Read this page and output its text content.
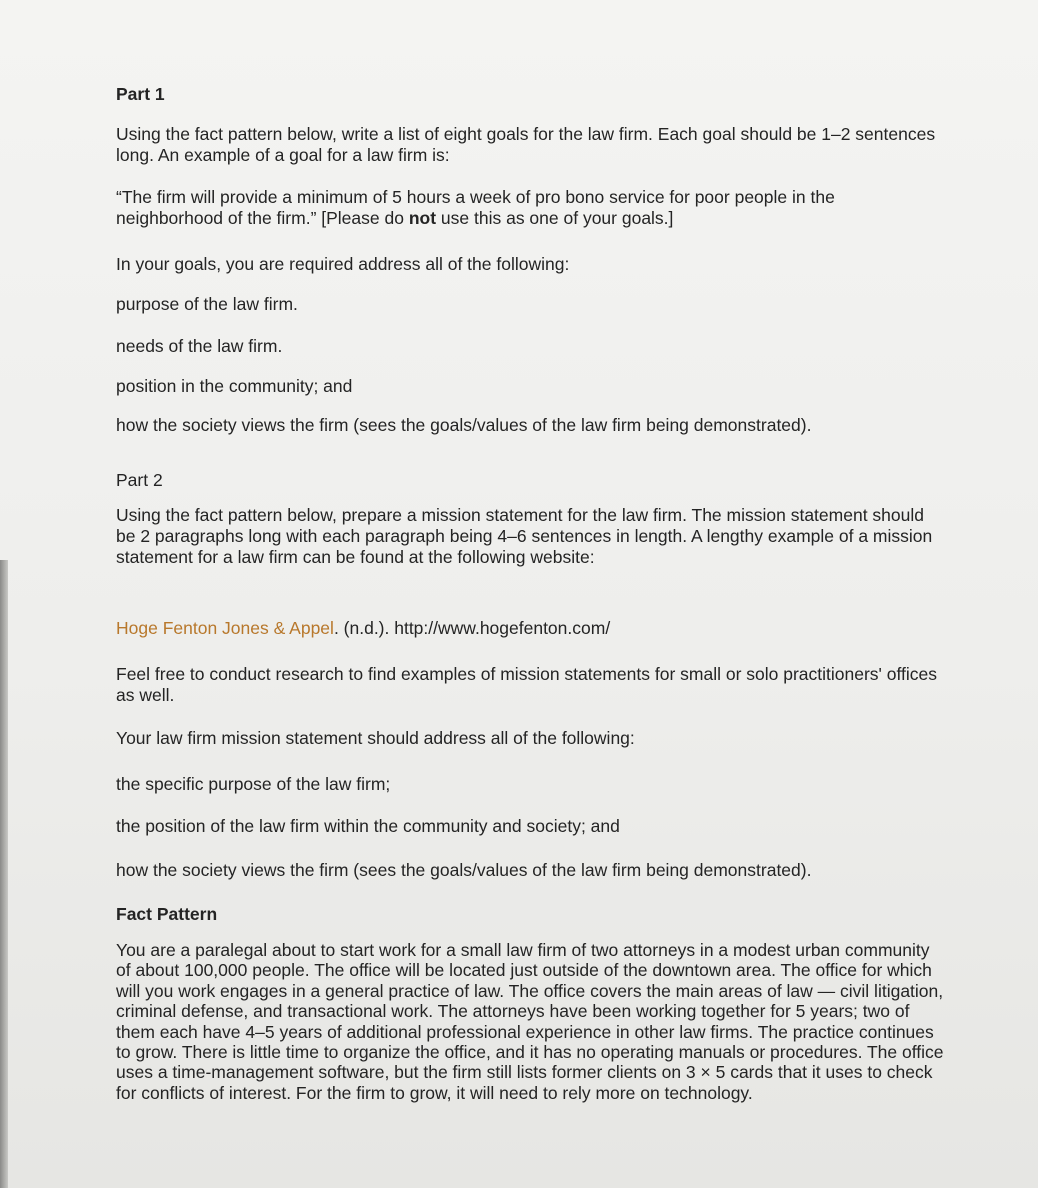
Part 1

Using the fact pattern below, write a list of eight goals for the law firm. Each goal should be 1–2 sentences long. An example of a goal for a law firm is:

“The firm will provide a minimum of 5 hours a week of pro bono service for poor people in the neighborhood of the firm.” [Please do not use this as one of your goals.]

In your goals, you are required address all of the following:

purpose of the law firm.

needs of the law firm.

position in the community; and

how the society views the firm (sees the goals/values of the law firm being demonstrated).

Part 2

Using the fact pattern below, prepare a mission statement for the law firm. The mission statement should be 2 paragraphs long with each paragraph being 4–6 sentences in length. A lengthy example of a mission statement for a law firm can be found at the following website:

Hoge Fenton Jones & Appel. (n.d.). http://www.hogefenton.com/

Feel free to conduct research to find examples of mission statements for small or solo practitioners' offices as well.

Your law firm mission statement should address all of the following:

the specific purpose of the law firm;

the position of the law firm within the community and society; and

how the society views the firm (sees the goals/values of the law firm being demonstrated).

Fact Pattern

You are a paralegal about to start work for a small law firm of two attorneys in a modest urban community of about 100,000 people. The office will be located just outside of the downtown area. The office for which will you work engages in a general practice of law. The office covers the main areas of law — civil litigation, criminal defense, and transactional work. The attorneys have been working together for 5 years; two of them each have 4–5 years of additional professional experience in other law firms. The practice continues to grow. There is little time to organize the office, and it has no operating manuals or procedures. The office uses a time-management software, but the firm still lists former clients on 3 × 5 cards that it uses to check for conflicts of interest. For the firm to grow, it will need to rely more on technology.
